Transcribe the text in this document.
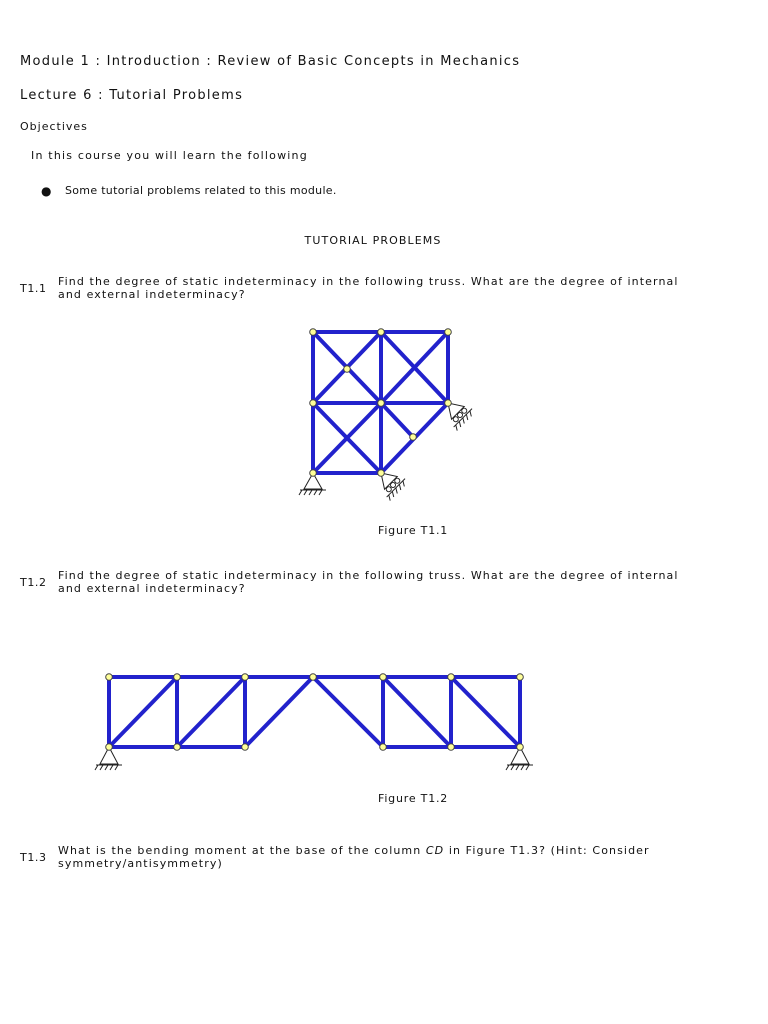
Module 1 : Introduction : Review of Basic Concepts in Mechanics
Lecture 6 : Tutorial Problems
Objectives
In this course you will learn the following
● Some tutorial problems related to this module.
TUTORIAL PROBLEMS
T1.1
Find the degree of static indeterminacy in the following truss. What are the degree of internal and external indeterminacy?
Figure T1.1
T1.2
Find the degree of static indeterminacy in the following truss. What are the degree of internal and external indeterminacy?
Figure T1.2
T1.3
What is the bending moment at the base of the column CD in Figure T1.3? (Hint: Consider symmetry/antisymmetry)
